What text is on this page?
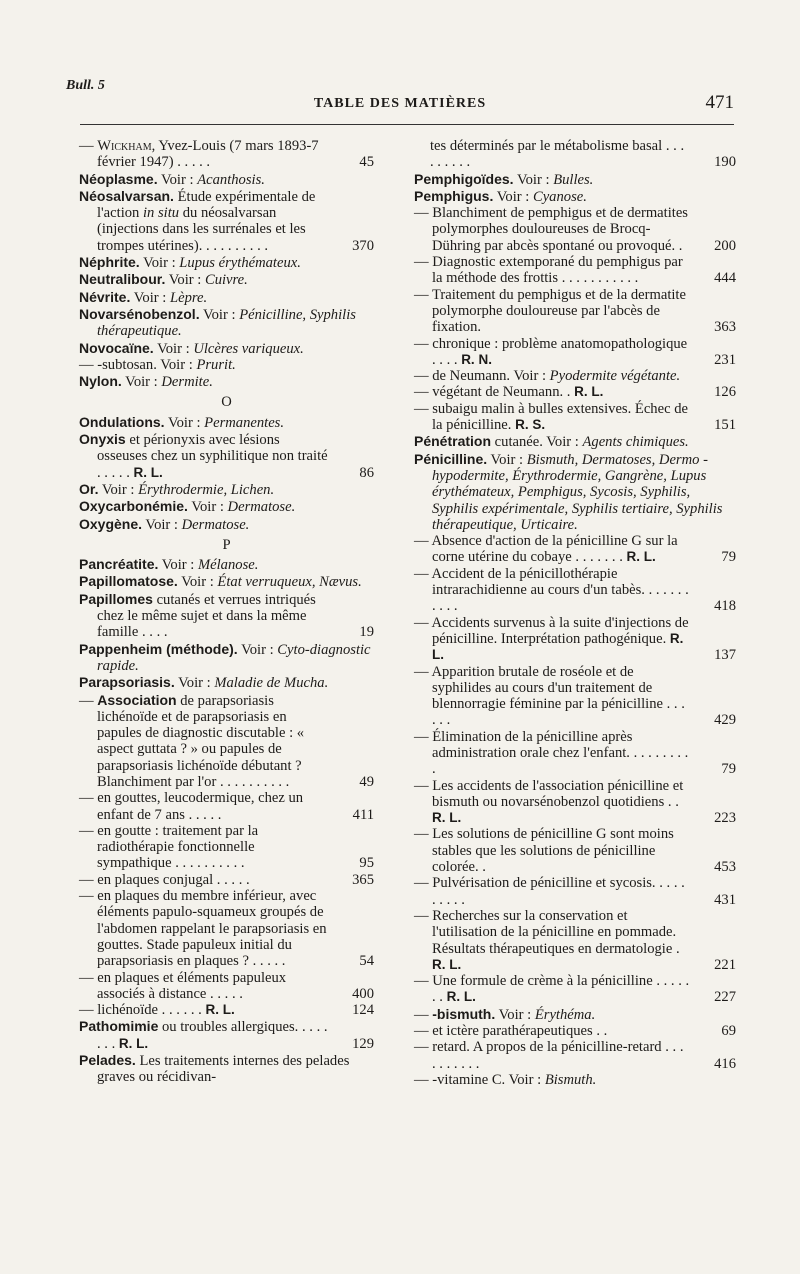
Bull. 5
TABLE DES MATIÈRES	471
— Wickham, Yvez-Louis (7 mars 1893-7 février 1947) . . . . .	45
Néoplasme. Voir : Acanthosis.
Néosalvarsan. Étude expérimentale de l'action in situ du néosalvarsan (injections dans les surrénales et les trompes utérines). . . . . . . . . .	370
Néphrite. Voir : Lupus érythémateux.
Neutralibour. Voir : Cuivre.
Névrite. Voir : Lèpre.
Novarsénobenzol. Voir : Pénicilline, Syphilis thérapeutique.
Novocaïne. Voir : Ulcères variqueux.
— -subtosan. Voir : Prurit.
Nylon. Voir : Dermite.
O
Ondulations. Voir : Permanentes.
Onyxis et périonyxis avec lésions osseuses chez un syphilitique non traité . . . . . R. L.	86
Or. Voir : Érythrodermie, Lichen.
Oxycarbonémie. Voir : Dermatose.
Oxygène. Voir : Dermatose.
P
Pancréatite. Voir : Mélanose.
Papillomatose. Voir : État verruqueux, Nævus.
Papillomes cutanés et verrues intriqués chez le même sujet et dans la même famille . . . .	19
Pappenheim (méthode). Voir : Cyto-diagnostic rapide.
Parapsoriasis. Voir : Maladie de Mucha.
— Association de parapsoriasis lichénoïde et de parapsoriasis en papules de diagnostic discutable : « aspect guttata ? » ou papules de parapsoriasis lichénoïde débutant ? Blanchiment par l'or . . . . . . . . . .	49
— en gouttes, leucodermique, chez un enfant de 7 ans . . . . .	411
— en goutte : traitement par la radiothérapie fonctionnelle sympathique . . . . . . . . . .	95
— en plaques conjugal . . . . .	365
— en plaques du membre inférieur, avec éléments papulo-squameux groupés de l'abdomen rappelant le parapsoriasis en gouttes. Stade papuleux initial du parapsoriasis en plaques ? . . . . .	54
— en plaques et éléments papuleux associés à distance . . . . .	400
— lichénoïde . . . . . . R. L.	124
Pathomimie ou troubles allergiques. . . . . . . . R. L.	129
Pelades. Les traitements internes des pelades graves ou récidivan-
tes déterminés par le métabolisme basal . . . . . . . . .	190
Pemphigoïdes. Voir : Bulles.
Pemphigus. Voir : Cyanose.
— Blanchiment de pemphigus et de dermatites polymorphes douloureuses de Brocq-Dühring par abcès spontané ou provoqué. . 200
— Diagnostic extemporané du pemphigus par la méthode des frottis . . . . . . . . . . .	444
— Traitement du pemphigus et de la dermatite polymorphe douloureuse par l'abcès de fixation.	363
— chronique : problème anatomopathologique . . . . R. N.	231
— de Neumann. Voir : Pyodermite végétante.
— végétant de Neumann. . R. L.	126
— subaigu malin à bulles extensives. Échec de la pénicilline. R. S.	151
Pénétration cutanée. Voir : Agents chimiques.
Pénicilline. Voir : Bismuth, Dermatoses, Dermo - hypodermite, Érythrodermie, Gangrène, Lupus érythémateux, Pemphigus, Sycosis, Syphilis, Syphilis expérimentale, Syphilis tertiaire, Syphilis thérapeutique, Urticaire.
— Absence d'action de la pénicilline G sur la corne utérine du cobaye . . . . . . . R. L.	79
— Accident de la pénicillothérapie intrarachidienne au cours d'un tabès. . . . . . . . . . .	418
— Accidents survenus à la suite d'injections de pénicilline. Interprétation pathogénique. R. L.	137
— Apparition brutale de roséole et de syphilides au cours d'un traitement de blennorragie féminine par la pénicilline . . . . . .	429
— Élimination de la pénicilline après administration orale chez l'enfant. . . . . . . . . .	79
— Les accidents de l'association pénicilline et bismuth ou novarsénobenzol quotidiens . . R. L.	223
— Les solutions de pénicilline G sont moins stables que les solutions de pénicilline colorée. .	453
— Pulvérisation de pénicilline et sycosis. . . . . . . . . .	431
— Recherches sur la conservation et l'utilisation de la pénicilline en pommade. Résultats thérapeutiques en dermatologie . R. L.	221
— Une formule de crème à la pénicilline . . . . . . . R. L.	227
— -bismuth. Voir : Érythéma.
— et ictère parathérapeutiques . .	69
— retard. A propos de la pénicilline-retard . . . . . . . . . .	416
— -vitamine C. Voir : Bismuth.
